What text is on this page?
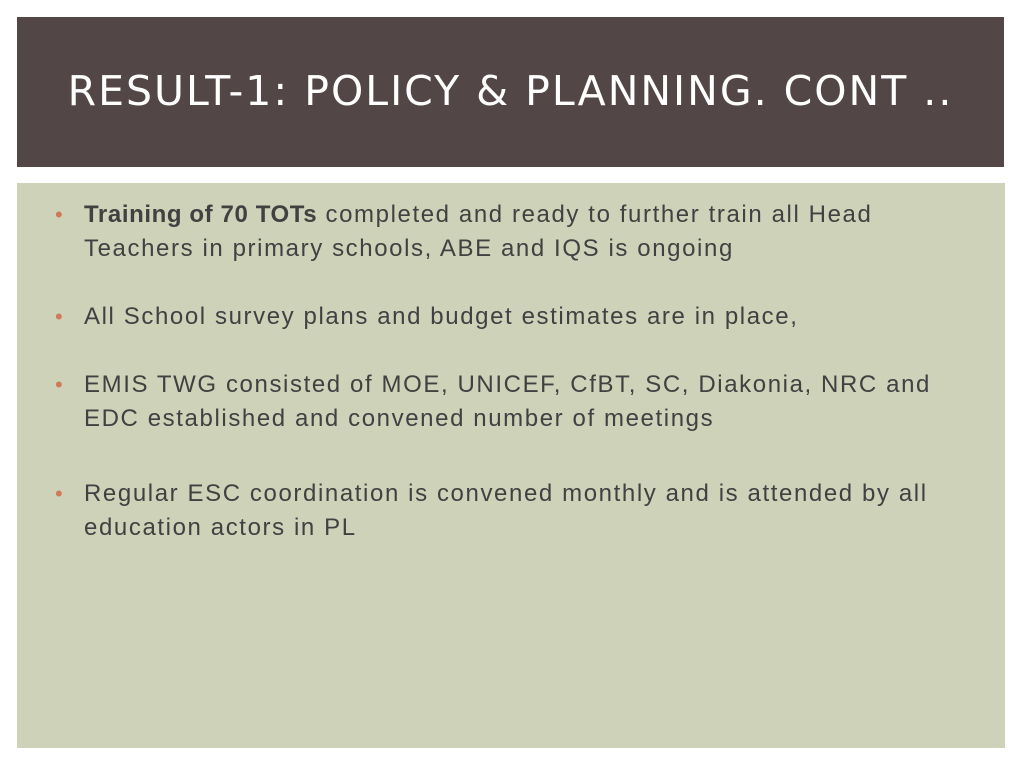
RESULT-1: POLICY & PLANNING. CONT ..
• Training of 70 TOTs completed and ready to further train all Head Teachers in primary schools, ABE and IQS is ongoing
• All School survey plans and budget estimates are in place,
• EMIS TWG consisted of MOE, UNICEF, CfBT, SC, Diakonia, NRC and EDC established and convened number of meetings
• Regular ESC coordination is convened monthly and is attended by all education actors in PL
